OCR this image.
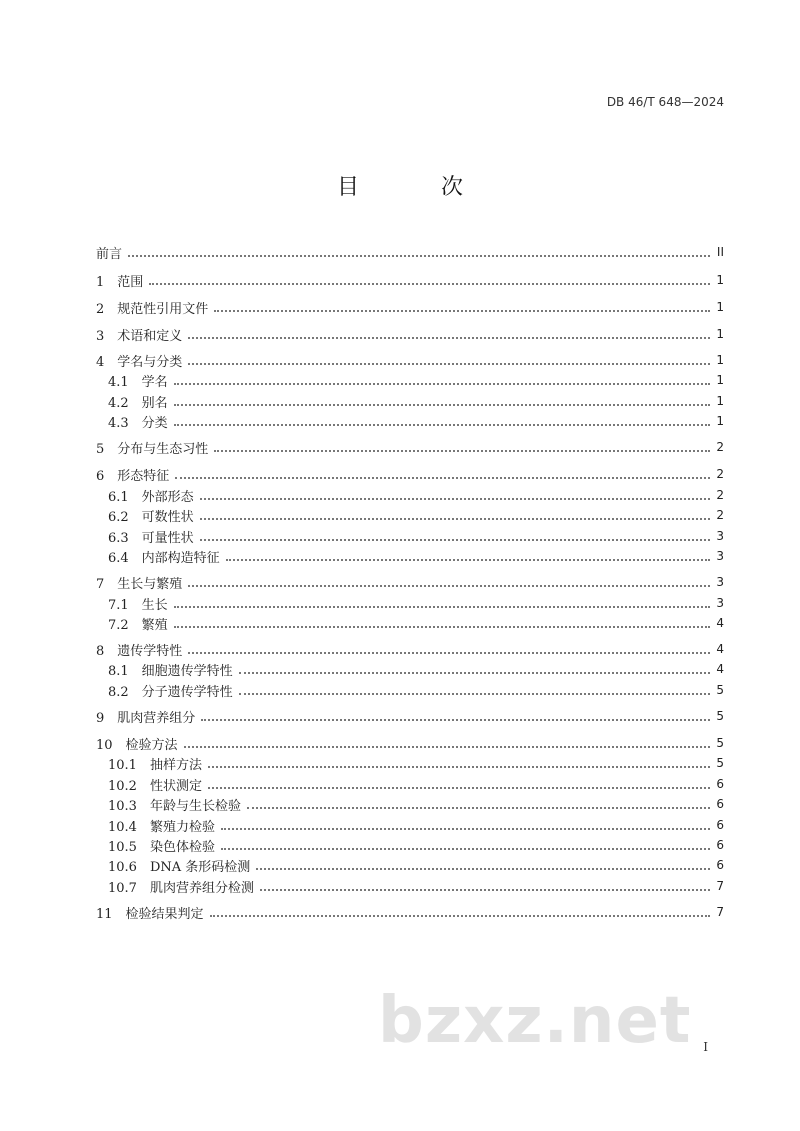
DB 46/T 648—2024
目　次
前言	II
1　范围	1
2　规范性引用文件	1
3　术语和定义	1
4　学名与分类	1
4.1　学名	1
4.2　别名	1
4.3　分类	1
5　分布与生态习性	2
6　形态特征	2
6.1　外部形态	2
6.2　可数性状	2
6.3　可量性状	3
6.4　内部构造特征	3
7　生长与繁殖	3
7.1　生长	3
7.2　繁殖	4
8　遗传学特性	4
8.1　细胞遗传学特性	4
8.2　分子遗传学特性	5
9　肌肉营养组分	5
10　检验方法	5
10.1　抽样方法	5
10.2　性状测定	6
10.3　年龄与生长检验	6
10.4　繁殖力检验	6
10.5　染色体检验	6
10.6　DNA 条形码检测	6
10.7　肌肉营养组分检测	7
11　检验结果判定	7
bzxz.net I
